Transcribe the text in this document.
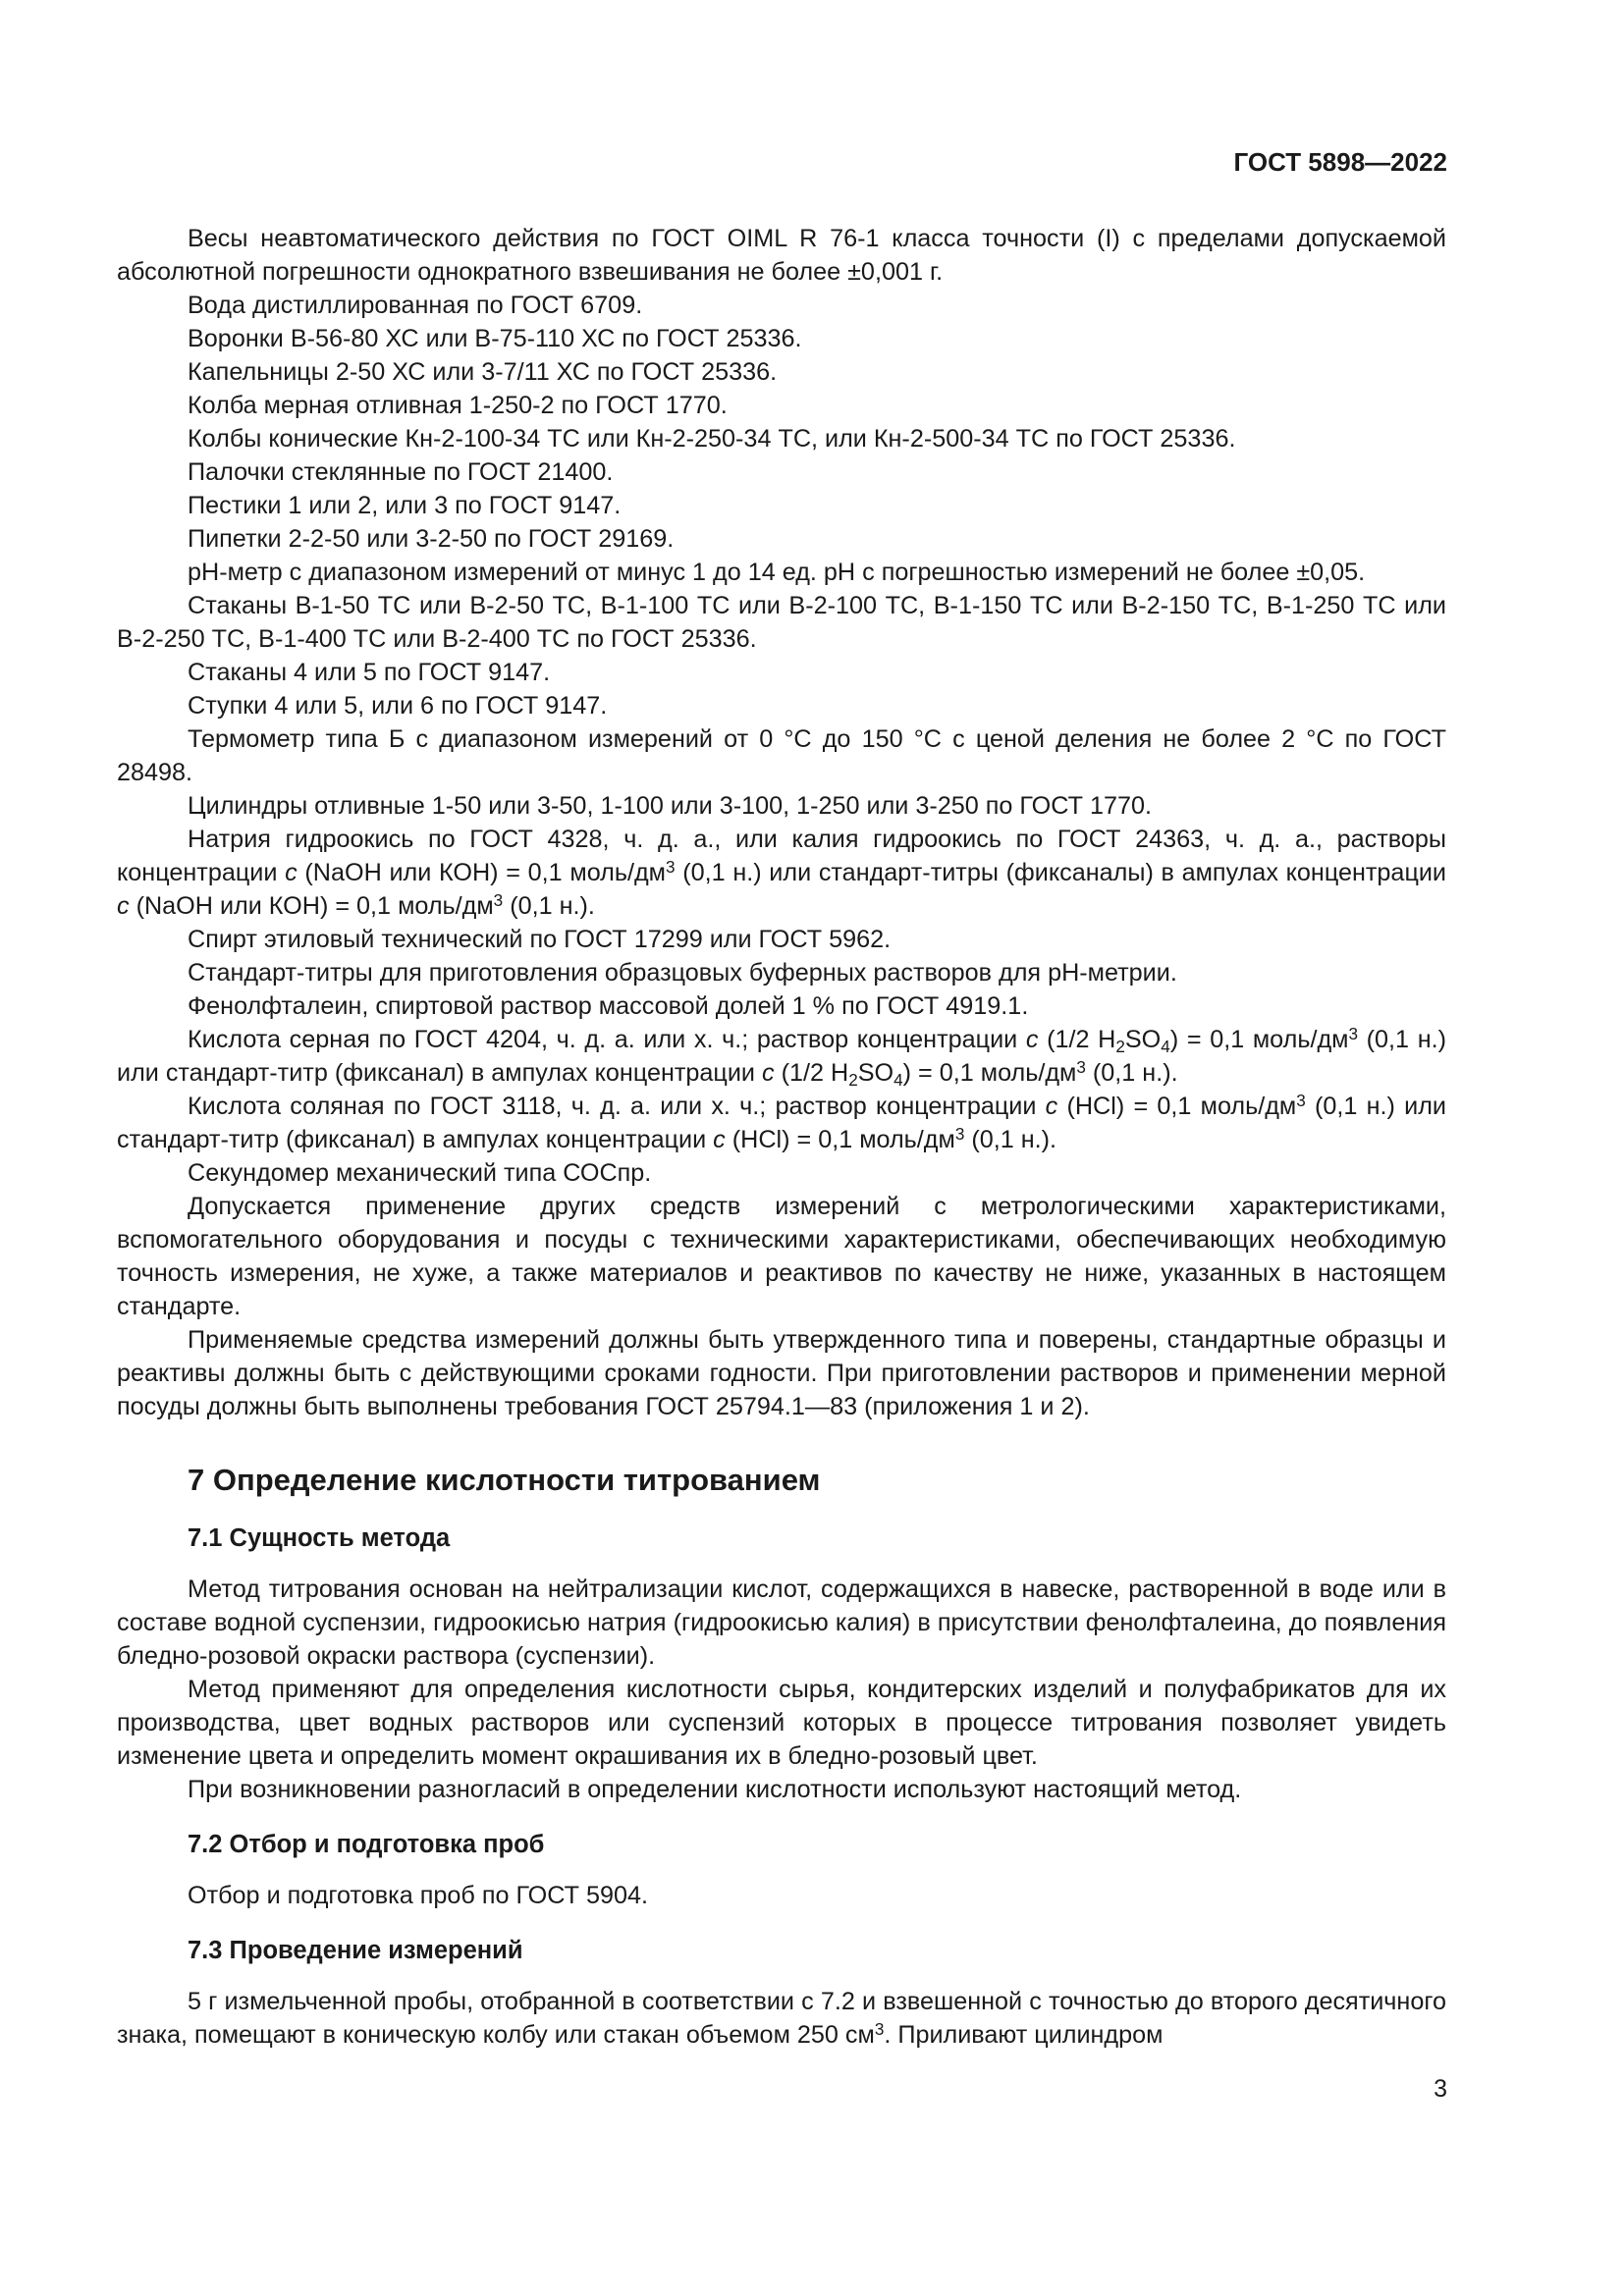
ГОСТ 5898—2022

Весы неавтоматического действия по ГОСТ OIML R 76-1 класса точности (I) с пределами допускаемой абсолютной погрешности однократного взвешивания не более ±0,001 г.

Вода дистиллированная по ГОСТ 6709.

Воронки В-56-80 ХС или В-75-110 ХС по ГОСТ 25336.

Капельницы 2-50 ХС или 3-7/11 ХС по ГОСТ 25336.

Колба мерная отливная 1-250-2 по ГОСТ 1770.

Колбы конические Кн-2-100-34 ТС или Кн-2-250-34 ТС, или Кн-2-500-34 ТС по ГОСТ 25336.

Палочки стеклянные по ГОСТ 21400.

Пестики 1 или 2, или 3 по ГОСТ 9147.

Пипетки 2-2-50 или 3-2-50 по ГОСТ 29169.

рН-метр с диапазоном измерений от минус 1 до 14 ед. рН с погрешностью измерений не более ±0,05.

Стаканы В-1-50 ТС или В-2-50 ТС, В-1-100 ТС или В-2-100 ТС, В-1-150 ТС или В-2-150 ТС, В-1-250 ТС или В-2-250 ТС, В-1-400 ТС или В-2-400 ТС по ГОСТ 25336.

Стаканы 4 или 5 по ГОСТ 9147.

Ступки 4 или 5, или 6 по ГОСТ 9147.

Термометр типа Б с диапазоном измерений от 0 °С до 150 °С с ценой деления не более 2 °С по ГОСТ 28498.

Цилиндры отливные 1-50 или 3-50, 1-100 или 3-100, 1-250 или 3-250 по ГОСТ 1770.

Натрия гидроокись по ГОСТ 4328, ч. д. а., или калия гидроокись по ГОСТ 24363, ч. д. а., растворы концентрации с (NaOH или КОН) = 0,1 моль/$дм^3$ (0,1 н.) или стандарт-титры (фиксаналы) в ампулах концентрации с (NaOH или КОН) = 0,1 моль/$дм^3$ (0,1 н.).

Спирт этиловый технический по ГОСТ 17299 или ГОСТ 5962.

Стандарт-титры для приготовления образцовых буферных растворов для рН-метрии.

Фенолфталеин, спиртовой раствор массовой долей 1 % по ГОСТ 4919.1.

Кислота серная по ГОСТ 4204, ч. д. а. или х. ч.; раствор концентрации с (1/2 $H_2SO_4) = 0,1$ моль/$дм^3$ (0,1 н.) или стандарт-титр (фиксанал) в ампулах концентрации с (1/2 $H_2SO_4) = 0,1$ моль/$дм^3$ (0,1 н.).

Кислота соляная по ГОСТ 3118, ч. д. а. или х. ч.; раствор концентрации с (HCl) = 0,1 моль/$дм^3$ (0,1 н.) или стандарт-титр (фиксанал) в ампулах концентрации с (HCl) = 0,1 моль/$дм^3$ (0,1 н.).

Секундомер механический типа СОСпр.

Допускается применение других средств измерений с метрологическими характеристиками, вспомогательного оборудования и посуды с техническими характеристиками, обеспечивающих необходимую точность измерения, не хуже, а также материалов и реактивов по качеству не ниже, указанных в настоящем стандарте.

Применяемые средства измерений должны быть утвержденного типа и поверены, стандартные образцы и реактивы должны быть с действующими сроками годности. При приготовлении растворов и применении мерной посуды должны быть выполнены требования ГОСТ 25794.1—83 (приложения 1 и 2).

7 Определение кислотности титрованием
7.1 Сущность метода

Метод титрования основан на нейтрализации кислот, содержащихся в навеске, растворенной в воде или в составе водной суспензии, гидроокисью натрия (гидроокисью калия) в присутствии фенолфталеина, до появления бледно-розовой окраски раствора (суспензии).

Метод применяют для определения кислотности сырья, кондитерских изделий и полуфабрикатов для их производства, цвет водных растворов или суспензий которых в процессе титрования позволяет увидеть изменение цвета и определить момент окрашивания их в бледно-розовый цвет.

При возникновении разногласий в определении кислотности используют настоящий метод.

7.2 Отбор и подготовка проб

Отбор и подготовка проб по ГОСТ 5904.

7.3 Проведение измерений

5 г измельченной пробы, отобранной в соответствии с 7.2 и взвешенной с точностью до второго десятичного знака, помещают в коническую колбу или стакан объемом 250 $см^3$. Приливают цилиндром

3
